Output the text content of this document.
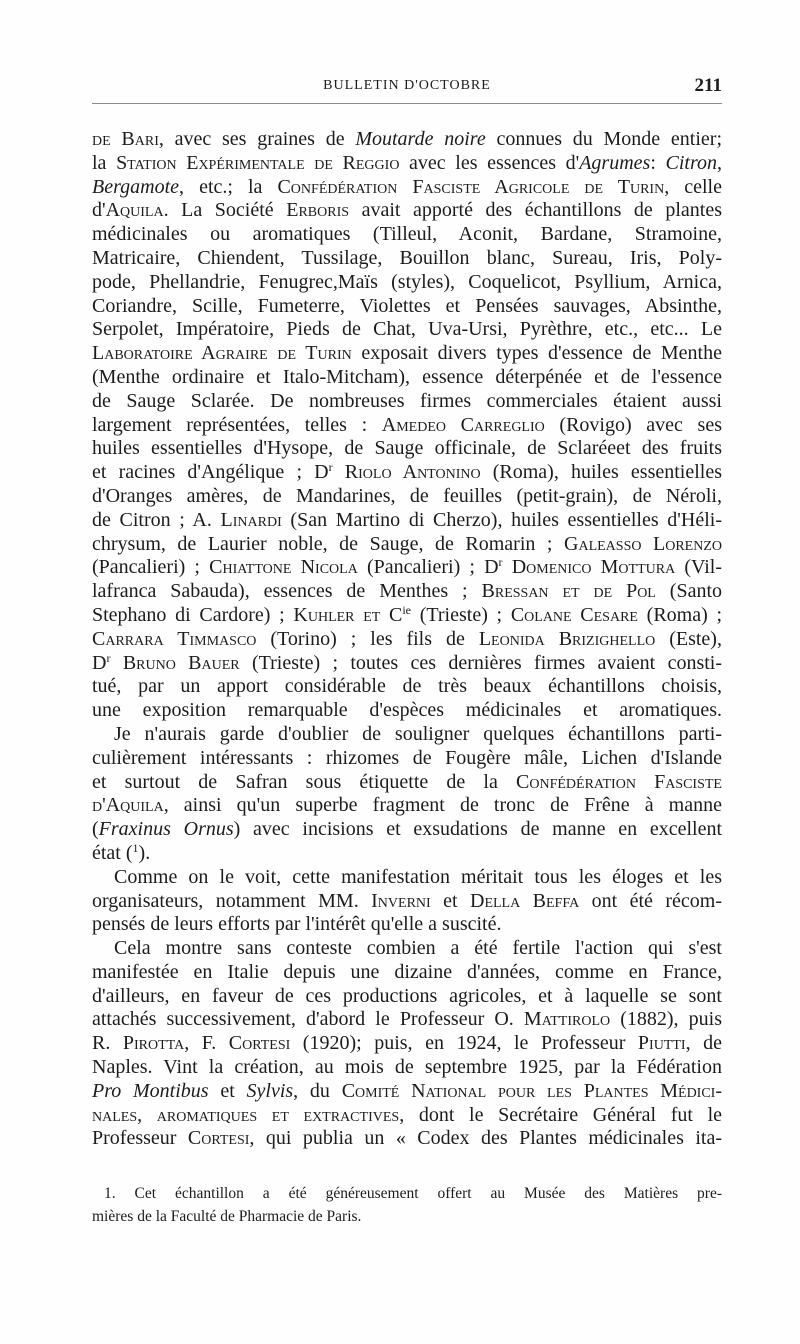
BULLETIN D'OCTOBRE	211
de Bari, avec ses graines de Moutarde noire connues du Monde entier;
la Station Expérimentale de Reggio avec les essences d'Agrumes: Citron,
Bergamote, etc.; la Confédération Fasciste Agricole de Turin, celle
d'Aquila. La Société Erboris avait apporté des échantillons de plantes
médicinales ou aromatiques (Tilleul, Aconit, Bardane, Stramoine,
Matricaire, Chiendent, Tussilage, Bouillon blanc, Sureau, Iris, Poly-
pode, Phellandrie, Fenugrec,Maïs (styles), Coquelicot, Psyllium, Arnica,
Coriandre, Scille, Fumeterre, Violettes et Pensées sauvages, Absinthe,
Serpolet, Impératoire, Pieds de Chat, Uva-Ursi, Pyrèthre, etc., etc... Le
Laboratoire Agraire de Turin exposait divers types d'essence de Menthe
(Menthe ordinaire et Italo-Mitcham), essence déterpénée et de l'essence
de Sauge Sclarée. De nombreuses firmes commerciales étaient aussi
largement représentées, telles : Amedeo Carreglio (Rovigo) avec ses
huiles essentielles d'Hysope, de Sauge officinale, de Sclaréeet des fruits
et racines d'Angélique ; $D^r$ Riolo Antonino (Roma), huiles essentielles
d'Oranges amères, de Mandarines, de feuilles (petit-grain), de Néroli,
de Citron ; A. Linardi (San Martino di Cherzo), huiles essentielles d'Héli-
chrysum, de Laurier noble, de Sauge, de Romarin ; Galeasso Lorenzo
(Pancalieri) ; Chiattone Nicola (Pancalieri) ; $D^r$ Domenico Mottura (Vil-
lafranca Sabauda), essences de Menthes ; Bressan et de Pol (Santo
Stephano di Cardore) ; Kuhler et $C^{ie}$ (Trieste) ; Colane Cesare (Roma) ;
Carrara Timmasco (Torino) ; les fils de Leonida Brizighello (Este),
$D^r$ Bruno Bauer (Trieste) ; toutes ces dernières firmes avaient consti-
tué, par un apport considérable de très beaux échantillons choisis,
une exposition remarquable d'espèces médicinales et aromatiques.
Je n'aurais garde d'oublier de souligner quelques échantillons parti-
culièrement intéressants : rhizomes de Fougère mâle, Lichen d'Islande
et surtout de Safran sous étiquette de la Confédération Fasciste
d'Aquila, ainsi qu'un superbe fragment de tronc de Frêne à manne
(Fraxinus Ornus) avec incisions et exsudations de manne en excellent
état ($^1$).
Comme on le voit, cette manifestation méritait tous les éloges et les
organisateurs, notamment MM. Inverni et Della Beffa ont été récom-
pensés de leurs efforts par l'intérêt qu'elle a suscité.
Cela montre sans conteste combien a été fertile l'action qui s'est
manifestée en Italie depuis une dizaine d'années, comme en France,
d'ailleurs, en faveur de ces productions agricoles, et à laquelle se sont
attachés successivement, d'abord le Professeur O. Mattirolo (1882), puis
R. Pirotta, F. Cortesi (1920); puis, en 1924, le Professeur Piutti, de
Naples. Vint la création, au mois de septembre 1925, par la Fédération
Pro Montibus et Sylvis, du Comité National pour les Plantes Médici-
nales, aromatiques et extractives, dont le Secrétaire Général fut le
Professeur Cortesi, qui publia un « Codex des Plantes médicinales ita-
1. Cet échantillon a été généreusement offert au Musée des Matières pre-
mières de la Faculté de Pharmacie de Paris.
